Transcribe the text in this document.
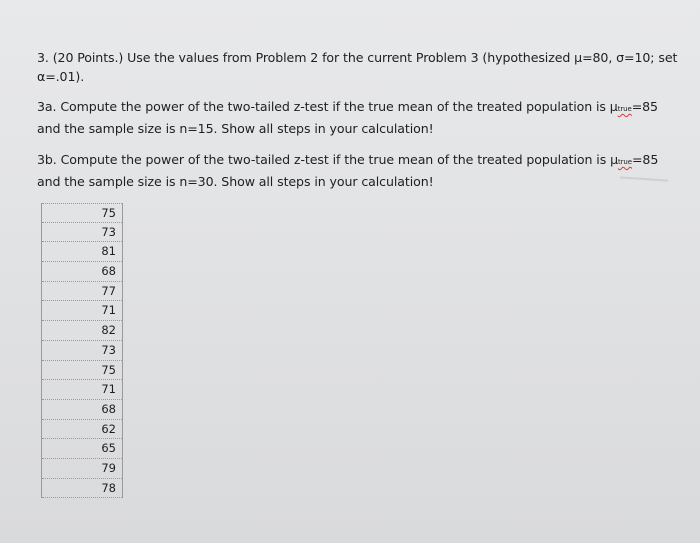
3. (20 Points.) Use the values from Problem 2 for the current Problem 3 (hypothesized μ=80, σ=10; set
α=.01).
3a. Compute the power of the two-tailed z-test if the true mean of the treated population is μtrue=85
and the sample size is n=15. Show all steps in your calculation!
3b. Compute the power of the two-tailed z-test if the true mean of the treated population is μtrue=85
and the sample size is n=30. Show all steps in your calculation!
75
73
81
68
77
71
82
73
75
71
68
62
65
79
78
